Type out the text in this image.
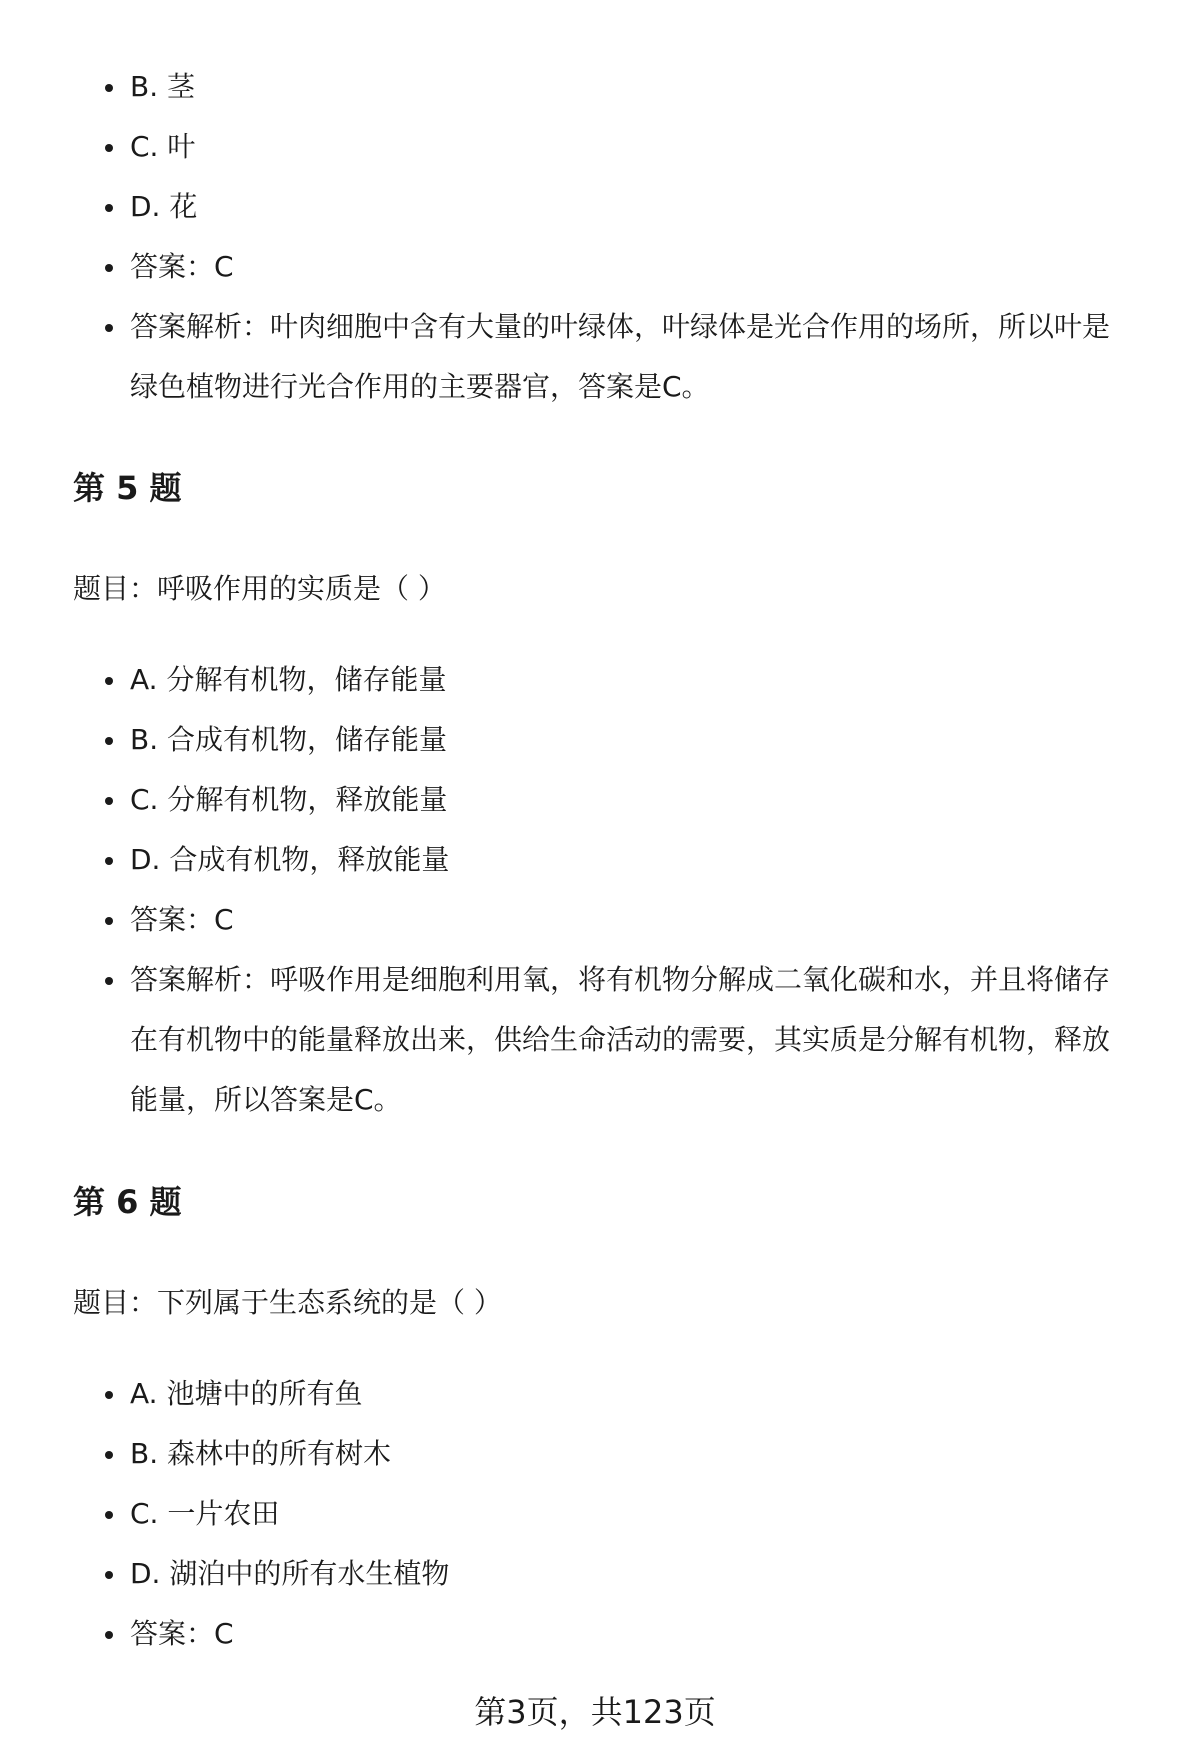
B. 茎
C. 叶
D. 花
答案：C
答案解析：叶肉细胞中含有大量的叶绿体，叶绿体是光合作用的场所，所以叶是绿色植物进行光合作用的主要器官，答案是C。
第 5 题

题目：呼吸作用的实质是（ ）

A. 分解有机物，储存能量
B. 合成有机物，储存能量
C. 分解有机物，释放能量
D. 合成有机物，释放能量
答案：C
答案解析：呼吸作用是细胞利用氧，将有机物分解成二氧化碳和水，并且将储存在有机物中的能量释放出来，供给生命活动的需要，其实质是分解有机物，释放能量，所以答案是C。
第 6 题

题目：下列属于生态系统的是（ ）

A. 池塘中的所有鱼
B. 森林中的所有树木
C. 一片农田
D. 湖泊中的所有水生植物
答案：C
第3页，共123页
